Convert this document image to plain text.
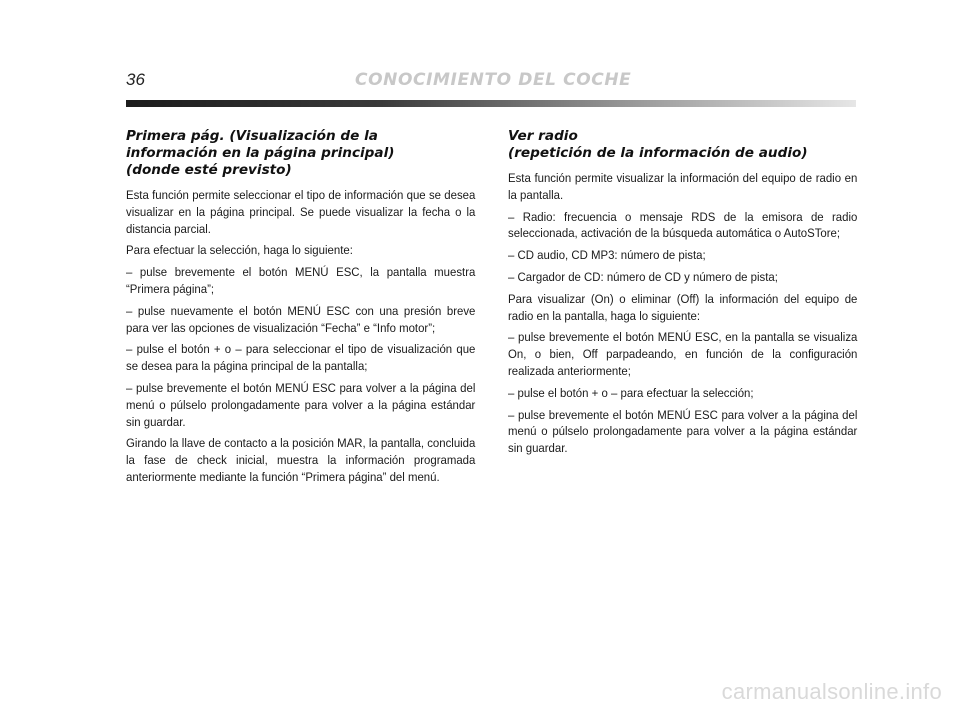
36	CONOCIMIENTO DEL COCHE
Primera pág. (Visualización de la
información en la página principal)
(donde esté previsto)

Esta función permite seleccionar el tipo de información que se desea visualizar en la página principal. Se puede visualizar la fecha o la distancia parcial.

Para efectuar la selección, haga lo siguiente:

– pulse brevemente el botón MENÚ ESC, la pantalla muestra “Primera página”;

– pulse nuevamente el botón MENÚ ESC con una presión breve para ver las opciones de visualización “Fecha” e “Info motor”;

– pulse el botón + o – para seleccionar el tipo de visualización que se desea para la página principal de la pantalla;

– pulse brevemente el botón MENÚ ESC para volver a la página del menú o púlselo prolongadamente para volver a la página estándar sin guardar.

Girando la llave de contacto a la posición MAR, la pantalla, concluida la fase de check inicial, muestra la información programada anteriormente mediante la función “Primera página” del menú.

Ver radio
(repetición de la información de audio)

Esta función permite visualizar la información del equipo de radio en la pantalla.

– Radio: frecuencia o mensaje RDS de la emisora de radio seleccionada, activación de la búsqueda automática o AutoSTore;

– CD audio, CD MP3: número de pista;

– Cargador de CD: número de CD y número de pista;

Para visualizar (On) o eliminar (Off) la información del equipo de radio en la pantalla, haga lo siguiente:

– pulse brevemente el botón MENÚ ESC, en la pantalla se visualiza On, o bien, Off parpadeando, en función de la configuración realizada anteriormente;

– pulse el botón + o – para efectuar la selección;

– pulse brevemente el botón MENÚ ESC para volver a la página del menú o púlselo prolongadamente para volver a la página estándar sin guardar.

carmanualsonline.info
